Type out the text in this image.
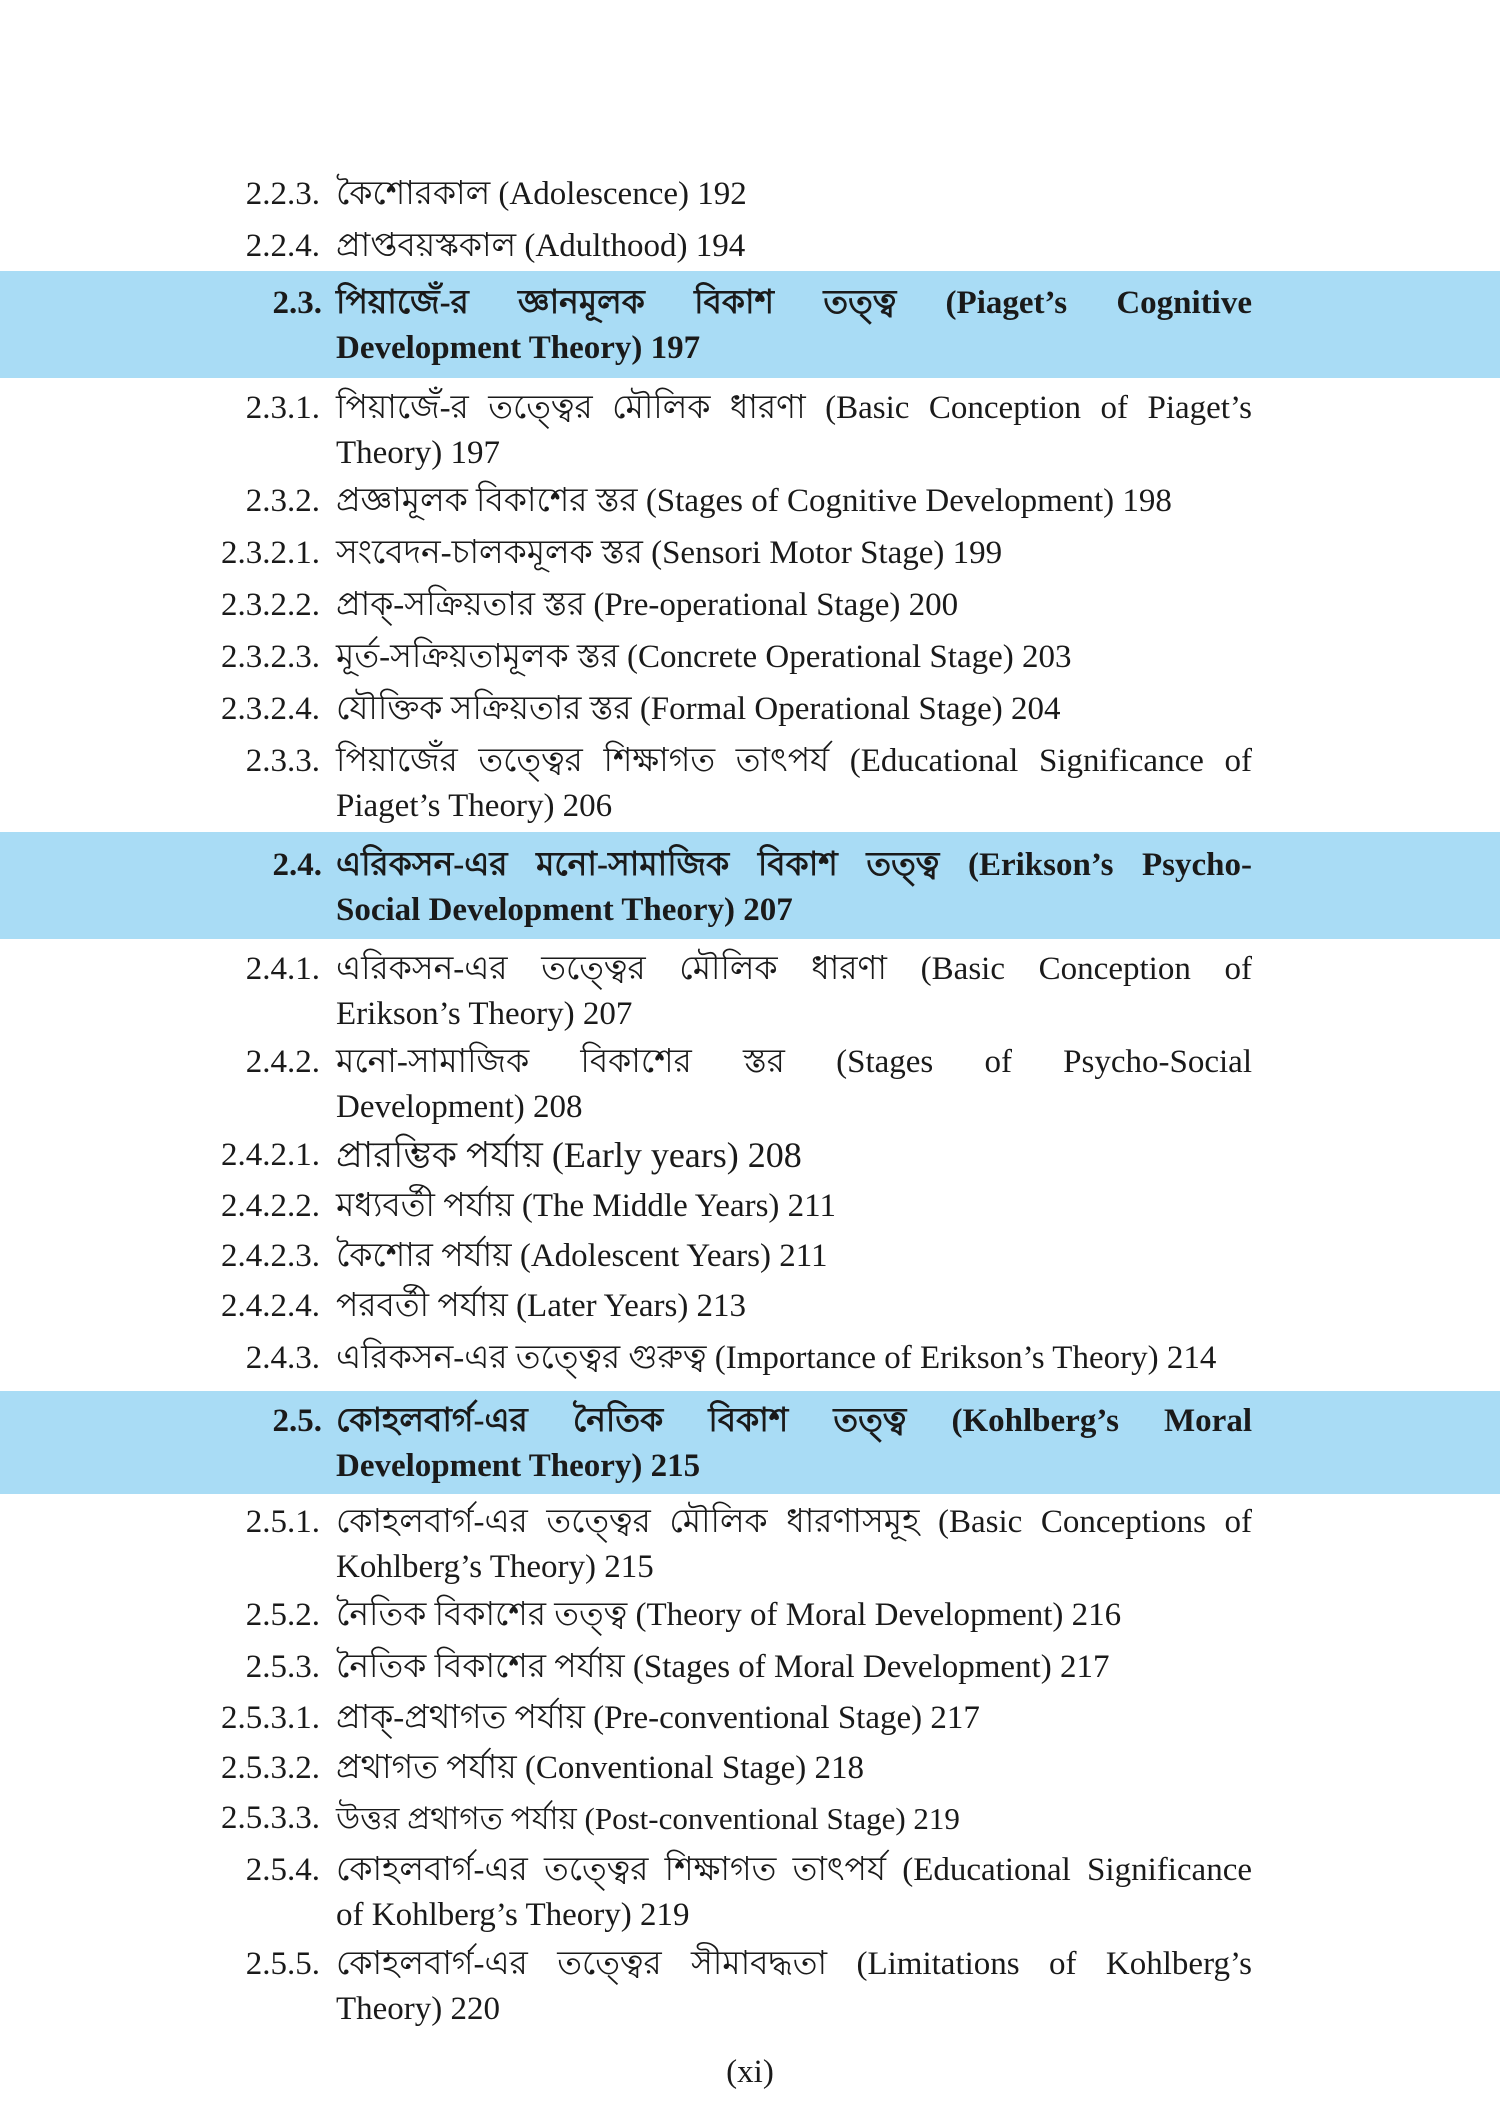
2.2.3. কৈশোরকাল (Adolescence) 192
2.2.4. প্রাপ্তবয়স্ককাল (Adulthood) 194
2.3. পিয়াজেঁ-র জ্ঞানমূলক বিকাশ তত্ত্ব (Piaget’s Cognitive
Development Theory) 197
2.3.1. পিয়াজেঁ-র তত্ত্বের মৌলিক ধারণা (Basic Conception of Piaget’s
Theory) 197
2.3.2. প্রজ্ঞামূলক বিকাশের স্তর (Stages of Cognitive Development) 198
2.3.2.1. সংবেদন-চালকমূলক স্তর (Sensori Motor Stage) 199
2.3.2.2. প্রাক্-সক্রিয়তার স্তর (Pre-operational Stage) 200
2.3.2.3. মূর্ত-সক্রিয়তামূলক স্তর (Concrete Operational Stage) 203
2.3.2.4. যৌক্তিক সক্রিয়তার স্তর (Formal Operational Stage) 204
2.3.3. পিয়াজেঁর তত্ত্বের শিক্ষাগত তাৎপর্য (Educational Significance of
Piaget’s Theory) 206
2.4. এরিকসন-এর মনো-সামাজিক বিকাশ তত্ত্ব (Erikson’s Psycho-
Social Development Theory) 207
2.4.1. এরিকসন-এর তত্ত্বের মৌলিক ধারণা (Basic Conception of
Erikson’s Theory) 207
2.4.2. মনো-সামাজিক বিকাশের স্তর (Stages of Psycho-Social
Development) 208
2.4.2.1. প্রারম্ভিক পর্যায় (Early years) 208
2.4.2.2. মধ্যবর্তী পর্যায় (The Middle Years) 211
2.4.2.3. কৈশোর পর্যায় (Adolescent Years) 211
2.4.2.4. পরবর্তী পর্যায় (Later Years) 213
2.4.3. এরিকসন-এর তত্ত্বের গুরুত্ব (Importance of Erikson’s Theory) 214
2.5. কোহলবার্গ-এর নৈতিক বিকাশ তত্ত্ব (Kohlberg’s Moral
Development Theory) 215
2.5.1. কোহলবার্গ-এর তত্ত্বের মৌলিক ধারণাসমূহ (Basic Conceptions of
Kohlberg’s Theory) 215
2.5.2. নৈতিক বিকাশের তত্ত্ব (Theory of Moral Development) 216
2.5.3. নৈতিক বিকাশের পর্যায় (Stages of Moral Development) 217
2.5.3.1. প্রাক্-প্রথাগত পর্যায় (Pre-conventional Stage) 217
2.5.3.2. প্রথাগত পর্যায় (Conventional Stage) 218
2.5.3.3. উত্তর প্রথাগত পর্যায় (Post-conventional Stage) 219
2.5.4. কোহলবার্গ-এর তত্ত্বের শিক্ষাগত তাৎপর্য (Educational Significance
of Kohlberg’s Theory) 219
2.5.5. কোহলবার্গ-এর তত্ত্বের সীমাবদ্ধতা (Limitations of Kohlberg’s
Theory) 220
(xi)
